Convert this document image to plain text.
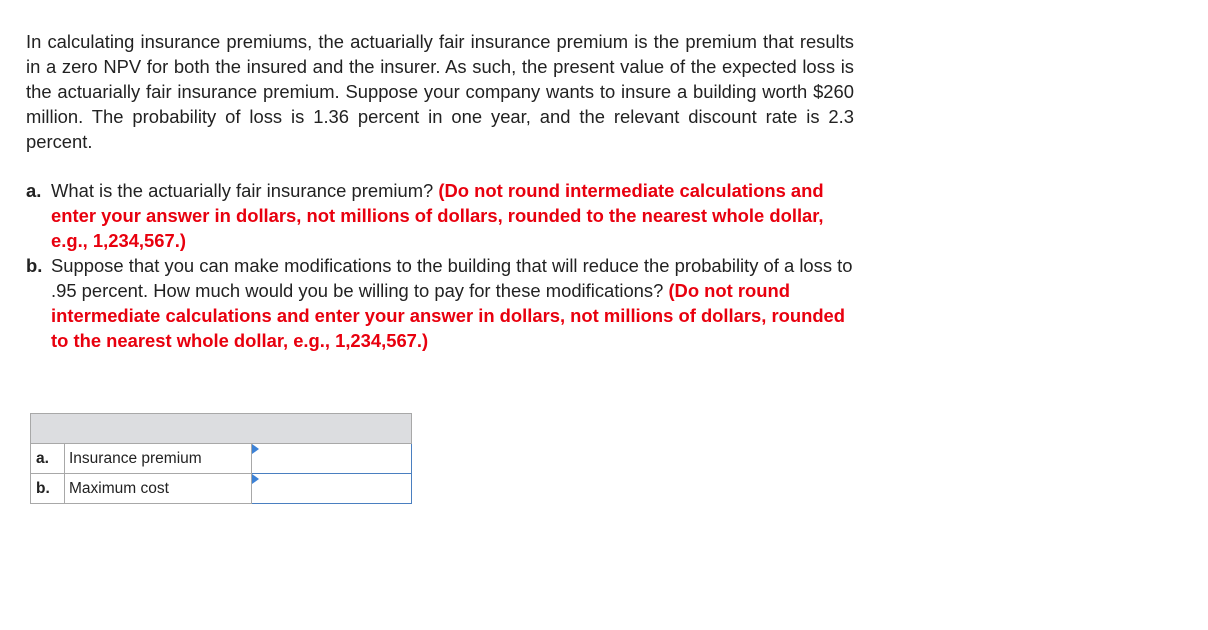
In calculating insurance premiums, the actuarially fair insurance premium is the premium that results in a zero NPV for both the insured and the insurer. As such, the present value of the expected loss is the actuarially fair insurance premium. Suppose your company wants to insure a building worth $260 million. The probability of loss is 1.36 percent in one year, and the relevant discount rate is 2.3 percent.

a. What is the actuarially fair insurance premium? (Do not round intermediate calculations and enter your answer in dollars, not millions of dollars, rounded to the nearest whole dollar, e.g., 1,234,567.)
b. Suppose that you can make modifications to the building that will reduce the probability of a loss to .95 percent. How much would you be willing to pay for these modifications? (Do not round intermediate calculations and enter your answer in dollars, not millions of dollars, rounded to the nearest whole dollar, e.g., 1,234,567.)

a.	Insurance premium	

b.	Maximum cost	
